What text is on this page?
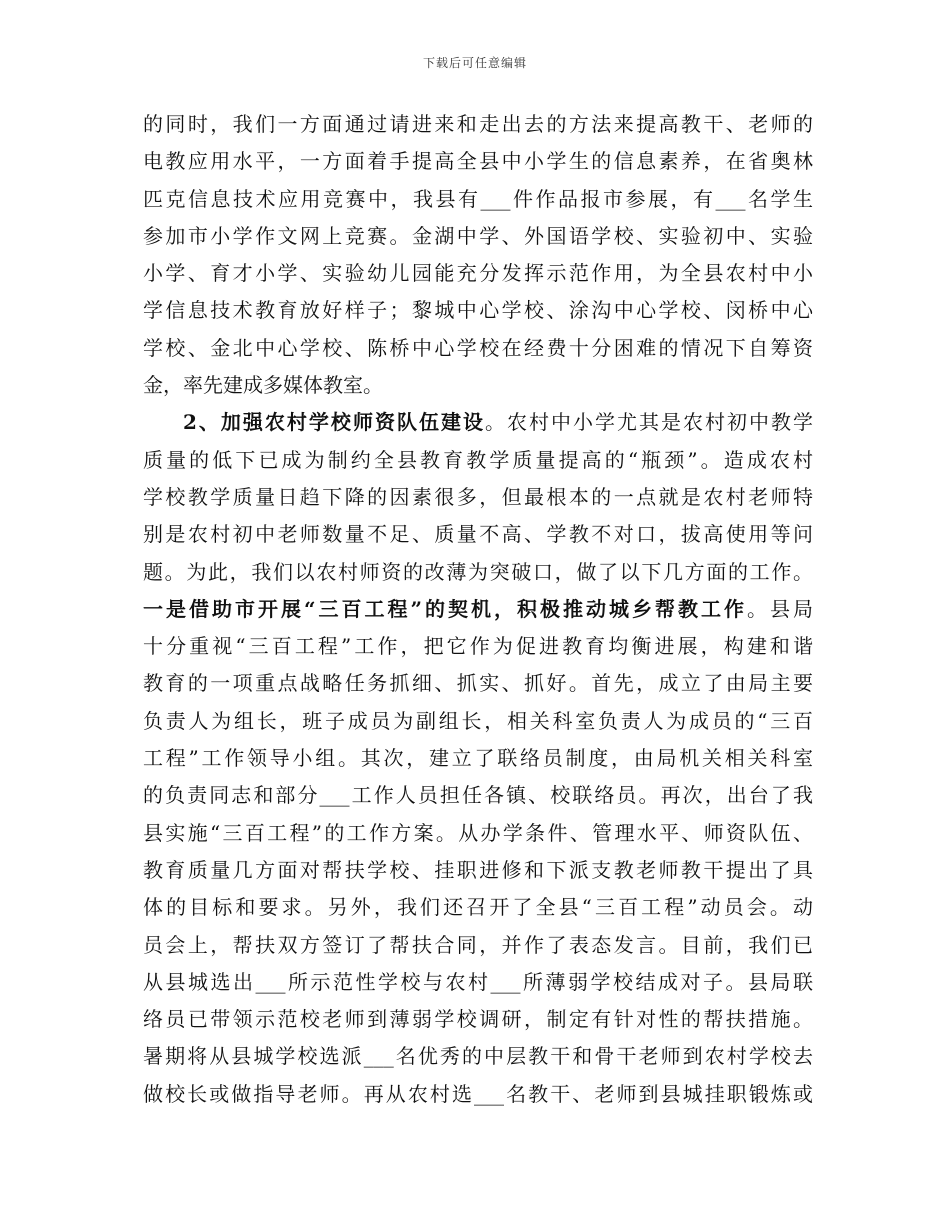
下载后可任意编辑
的同时，我们一方面通过请进来和走出去的方法来提高教干、老师的
电教应用水平，一方面着手提高全县中小学生的信息素养，在省奥林
匹克信息技术应用竞赛中，我县有___件作品报市参展，有___名学生
参加市小学作文网上竞赛。金湖中学、外国语学校、实验初中、实验
小学、育才小学、实验幼儿园能充分发挥示范作用，为全县农村中小
学信息技术教育放好样子；黎城中心学校、涂沟中心学校、闵桥中心
学校、金北中心学校、陈桥中心学校在经费十分困难的情况下自筹资
金，率先建成多媒体教室。
2、加强农村学校师资队伍建设。农村中小学尤其是农村初中教学
质量的低下已成为制约全县教育教学质量提高的“瓶颈”。造成农村
学校教学质量日趋下降的因素很多，但最根本的一点就是农村老师特
别是农村初中老师数量不足、质量不高、学教不对口，拔高使用等问
题。为此，我们以农村师资的改薄为突破口，做了以下几方面的工作。
一是借助市开展“三百工程”的契机，积极推动城乡帮教工作。县局
十分重视“三百工程”工作，把它作为促进教育均衡进展，构建和谐
教育的一项重点战略任务抓细、抓实、抓好。首先，成立了由局主要
负责人为组长，班子成员为副组长，相关科室负责人为成员的“三百
工程”工作领导小组。其次，建立了联络员制度，由局机关相关科室
的负责同志和部分___工作人员担任各镇、校联络员。再次，出台了我
县实施“三百工程”的工作方案。从办学条件、管理水平、师资队伍、
教育质量几方面对帮扶学校、挂职进修和下派支教老师教干提出了具
体的目标和要求。另外，我们还召开了全县“三百工程”动员会。动
员会上，帮扶双方签订了帮扶合同，并作了表态发言。目前，我们已
从县城选出___所示范性学校与农村___所薄弱学校结成对子。县局联
络员已带领示范校老师到薄弱学校调研，制定有针对性的帮扶措施。
暑期将从县城学校选派___名优秀的中层教干和骨干老师到农村学校去
做校长或做指导老师。再从农村选___名教干、老师到县城挂职锻炼或
